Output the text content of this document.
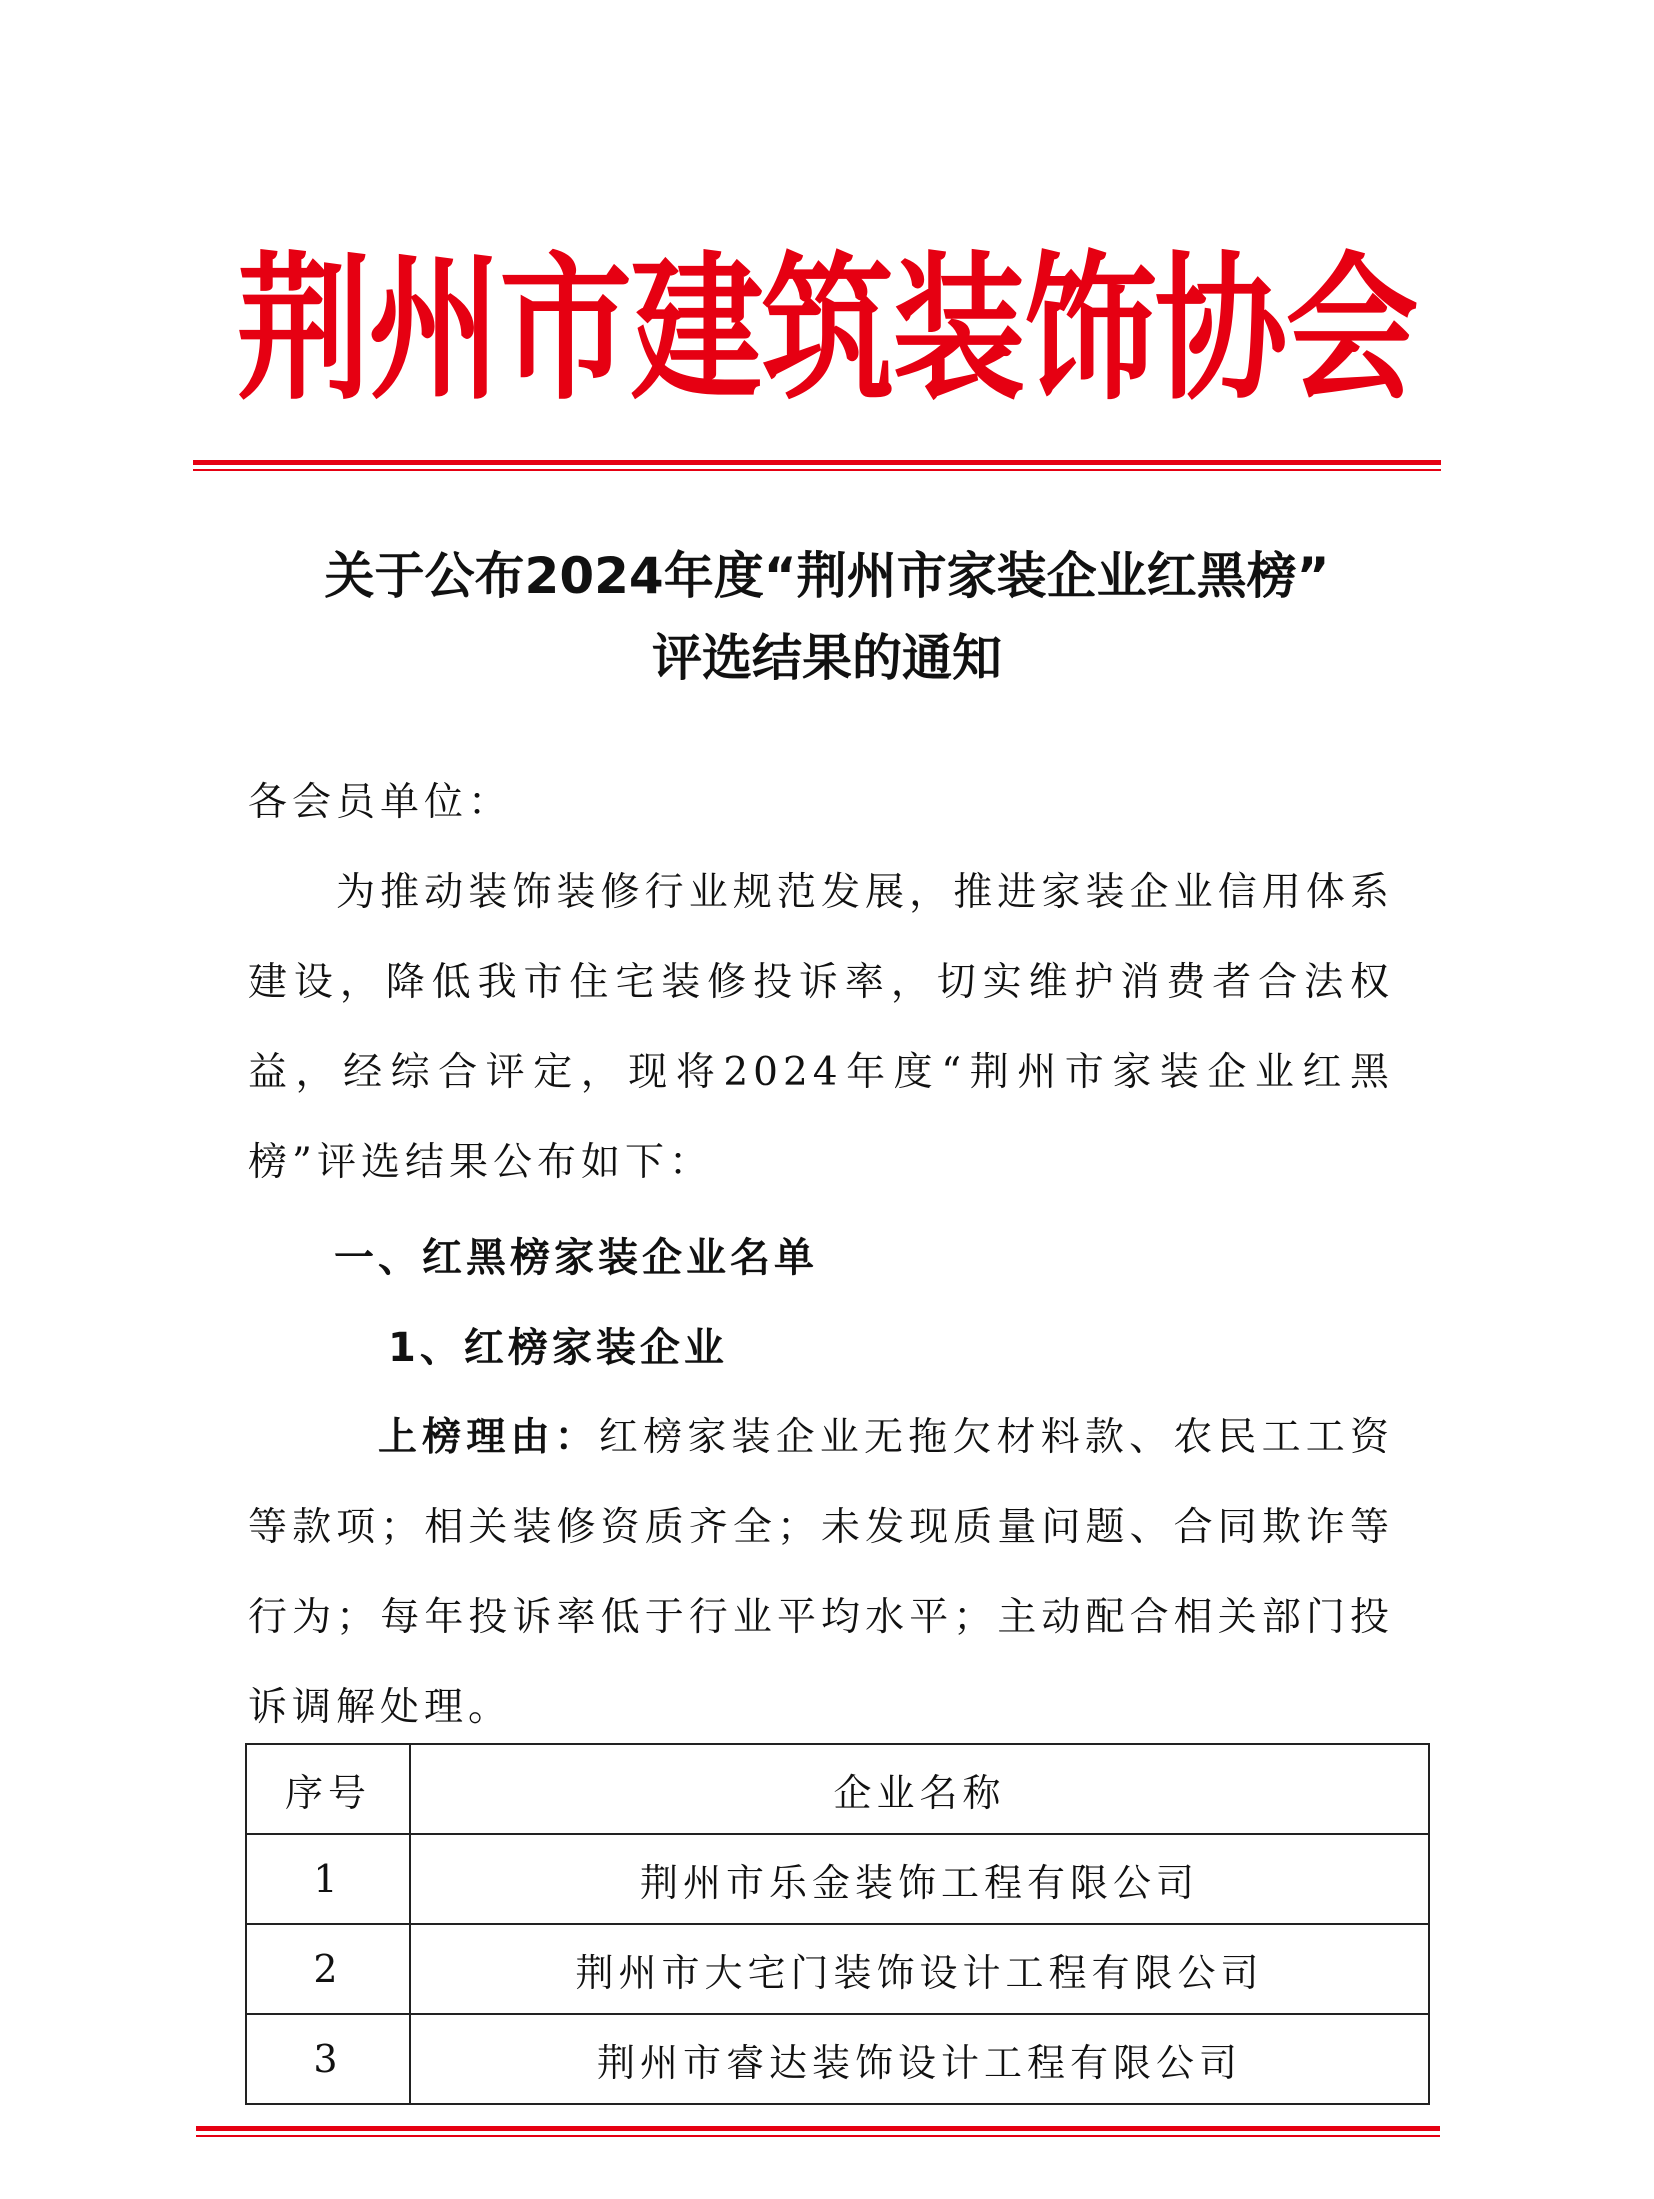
荆州市建筑装饰协会
关于公布2024年度“荆州市家装企业红黑榜”
评选结果的通知

各会员单位：

为推动装饰装修行业规范发展，推进家装企业信用体系建设，降低我市住宅装修投诉率，切实维护消费者合法权益，经综合评定，现将2024年度“荆州市家装企业红黑榜”评选结果公布如下：

一、红黑榜家装企业名单

1、红榜家装企业

上榜理由：红榜家装企业无拖欠材料款、农民工工资等款项；相关装修资质齐全；未发现质量问题、合同欺诈等行为；每年投诉率低于行业平均水平；主动配合相关部门投诉调解处理。

序号	企业名称
1	荆州市乐金装饰工程有限公司
2	荆州市大宅门装饰设计工程有限公司
3	荆州市睿达装饰设计工程有限公司
